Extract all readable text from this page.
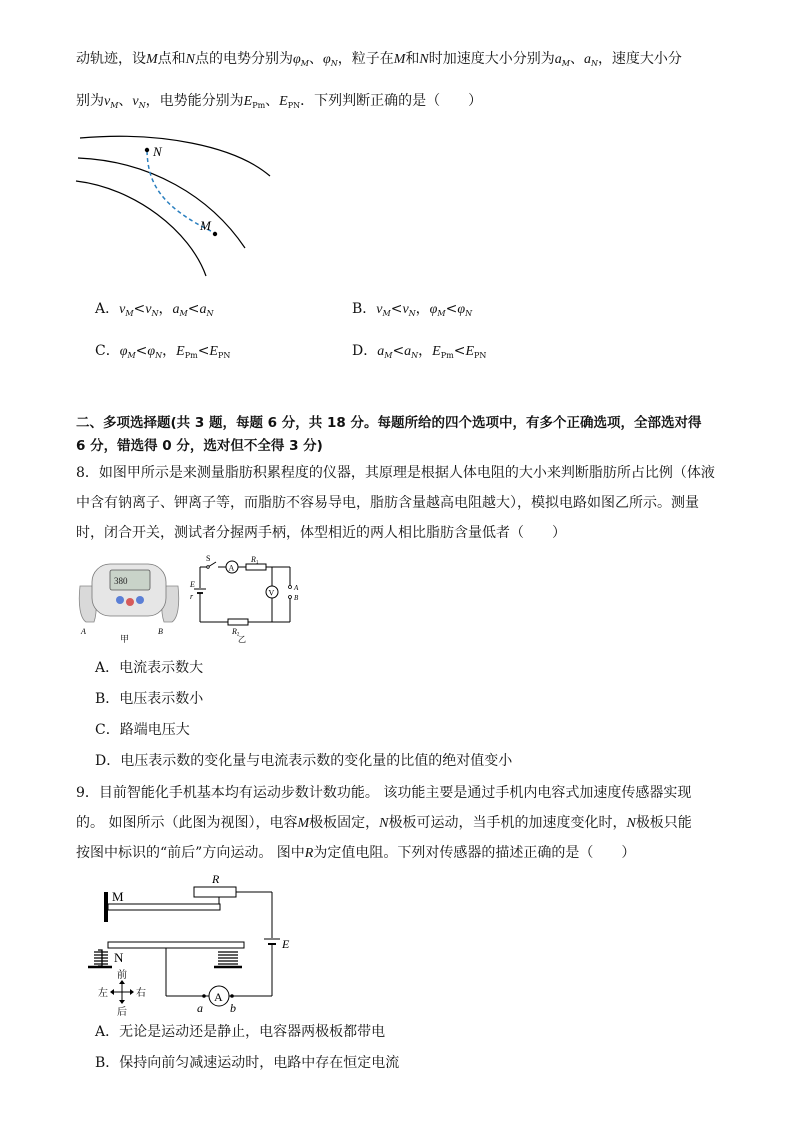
动轨迹，设M点和N点的电势分别为$\varphi_M$、$\varphi_N$，粒子在M和N时加速度大小分别为$a_M$、$a_N$，速度大小分
别为$v_M$、$v_N$，电势能分别为$E_{Pm}$、$E_{PN}$．下列判断正确的是（　　）
N
M
A．$v_M<v_N$，$a_M<a_N$	B．$v_M<v_N$，$\varphi_M<\varphi_N$
C．$\varphi_M<\varphi_N$，$E_{Pm}<E_{PN}$	D．$a_M<a_N$，$E_{Pm}<E_{PN}$
二、多项选择题(共 3 题，每题 6 分，共 18 分。每题所给的四个选项中，有多个正确选项，全部选对得
6 分，错选得 0 分，选对但不全得 3 分)
8．如图甲所示是来测量脂肪积累程度的仪器，其原理是根据人体电阻的大小来判断脂肪所占比例（体液
中含有钠离子、钾离子等，而脂肪不容易导电，脂肪含量越高电阻越大），模拟电路如图乙所示。测量
时，闭合开关，测试者分握两手柄，体型相近的两人相比脂肪含量低者（　　）
380
A	B
甲
A
V
S
E
r
R1
R2
乙
A
B
A．电流表示数大
B．电压表示数小
C．路端电压大
D．电压表示数的变化量与电流表示数的变化量的比值的绝对值变小
9．目前智能化手机基本均有运动步数计数功能。 该功能主要是通过手机内电容式加速度传感器实现
的。 如图所示（此图为视图），电容M极板固定，N极板可运动，当手机的加速度变化时，N极板只能
按图中标识的“前后”方向运动。 图中R为定值电阻。下列对传感器的描述正确的是（　　）
M
R
E
N
A
a b
前
后
左	右
A．无论是运动还是静止，电容器两极板都带电
B．保持向前匀减速运动时，电路中存在恒定电流
